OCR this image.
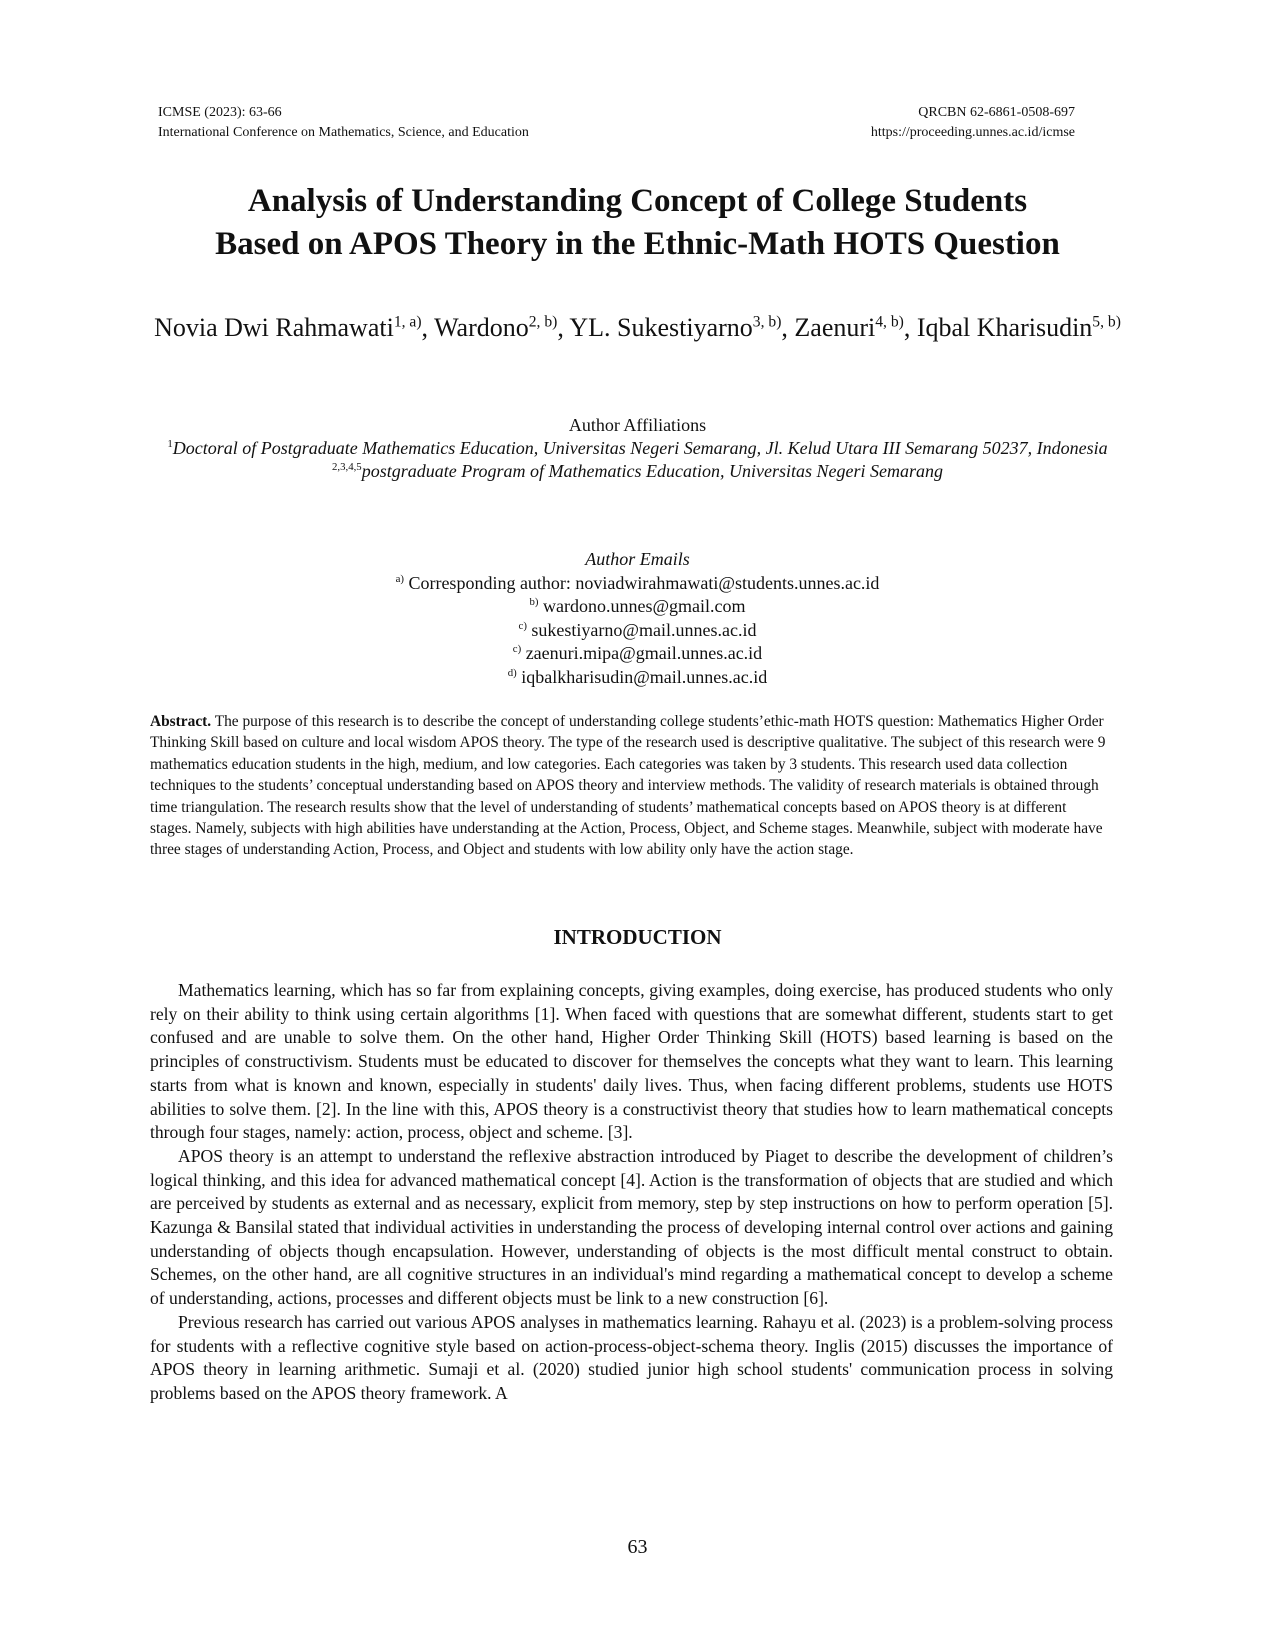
ICMSE (2023): 63-66
International Conference on Mathematics, Science, and Education
QRCBN 62-6861-0508-697
https://proceeding.unnes.ac.id/icmse
Analysis of Understanding Concept of College Students
Based on APOS Theory in the Ethnic-Math HOTS Question
Novia Dwi Rahmawati$^{1, a)}$, Wardono$^{2, b)}$, YL. Sukestiyarno$^{3, b)}$, Zaenuri$^{4, b)}$, Iqbal Kharisudin$^{5, b)}$
Author Affiliations
$^1$Doctoral of Postgraduate Mathematics Education, Universitas Negeri Semarang, Jl. Kelud Utara III Semarang 50237, Indonesia
$^{2,3,4,5}$postgraduate Program of Mathematics Education, Universitas Negeri Semarang
Author Emails
$^{a)}$ Corresponding author: noviadwirahmawati@students.unnes.ac.id
$^{b)}$ wardono.unnes@gmail.com
$^{c)}$ sukestiyarno@mail.unnes.ac.id
$^{c)}$ zaenuri.mipa@gmail.unnes.ac.id
$^{d)}$ iqbalkharisudin@mail.unnes.ac.id
Abstract. The purpose of this research is to describe the concept of understanding college students’ethic-math HOTS question: Mathematics Higher Order Thinking Skill based on culture and local wisdom APOS theory. The type of the research used is descriptive qualitative. The subject of this research were 9 mathematics education students in the high, medium, and low categories. Each categories was taken by 3 students. This research used data collection techniques to the students’ conceptual understanding based on APOS theory and interview methods. The validity of research materials is obtained through time triangulation. The research results show that the level of understanding of students’ mathematical concepts based on APOS theory is at different stages. Namely, subjects with high abilities have understanding at the Action, Process, Object, and Scheme stages. Meanwhile, subject with moderate have three stages of understanding Action, Process, and Object and students with low ability only have the action stage.
INTRODUCTION

Mathematics learning, which has so far from explaining concepts, giving examples, doing exercise, has produced students who only rely on their ability to think using certain algorithms [1]. When faced with questions that are somewhat different, students start to get confused and are unable to solve them. On the other hand, Higher Order Thinking Skill (HOTS) based learning is based on the principles of constructivism. Students must be educated to discover for themselves the concepts what they want to learn. This learning starts from what is known and known, especially in students' daily lives. Thus, when facing different problems, students use HOTS abilities to solve them. [2]. In the line with this, APOS theory is a constructivist theory that studies how to learn mathematical concepts through four stages, namely: action, process, object and scheme. [3].

APOS theory is an attempt to understand the reflexive abstraction introduced by Piaget to describe the development of children’s logical thinking, and this idea for advanced mathematical concept [4]. Action is the transformation of objects that are studied and which are perceived by students as external and as necessary, explicit from memory, step by step instructions on how to perform operation [5]. Kazunga & Bansilal stated that individual activities in understanding the process of developing internal control over actions and gaining understanding of objects though encapsulation. However, understanding of objects is the most difficult mental construct to obtain. Schemes, on the other hand, are all cognitive structures in an individual's mind regarding a mathematical concept to develop a scheme of understanding, actions, processes and different objects must be link to a new construction [6].

Previous research has carried out various APOS analyses in mathematics learning. Rahayu et al. (2023) is a problem-solving process for students with a reflective cognitive style based on action-process-object-schema theory. Inglis (2015) discusses the importance of APOS theory in learning arithmetic. Sumaji et al. (2020) studied junior high school students' communication process in solving problems based on the APOS theory framework. A

63
